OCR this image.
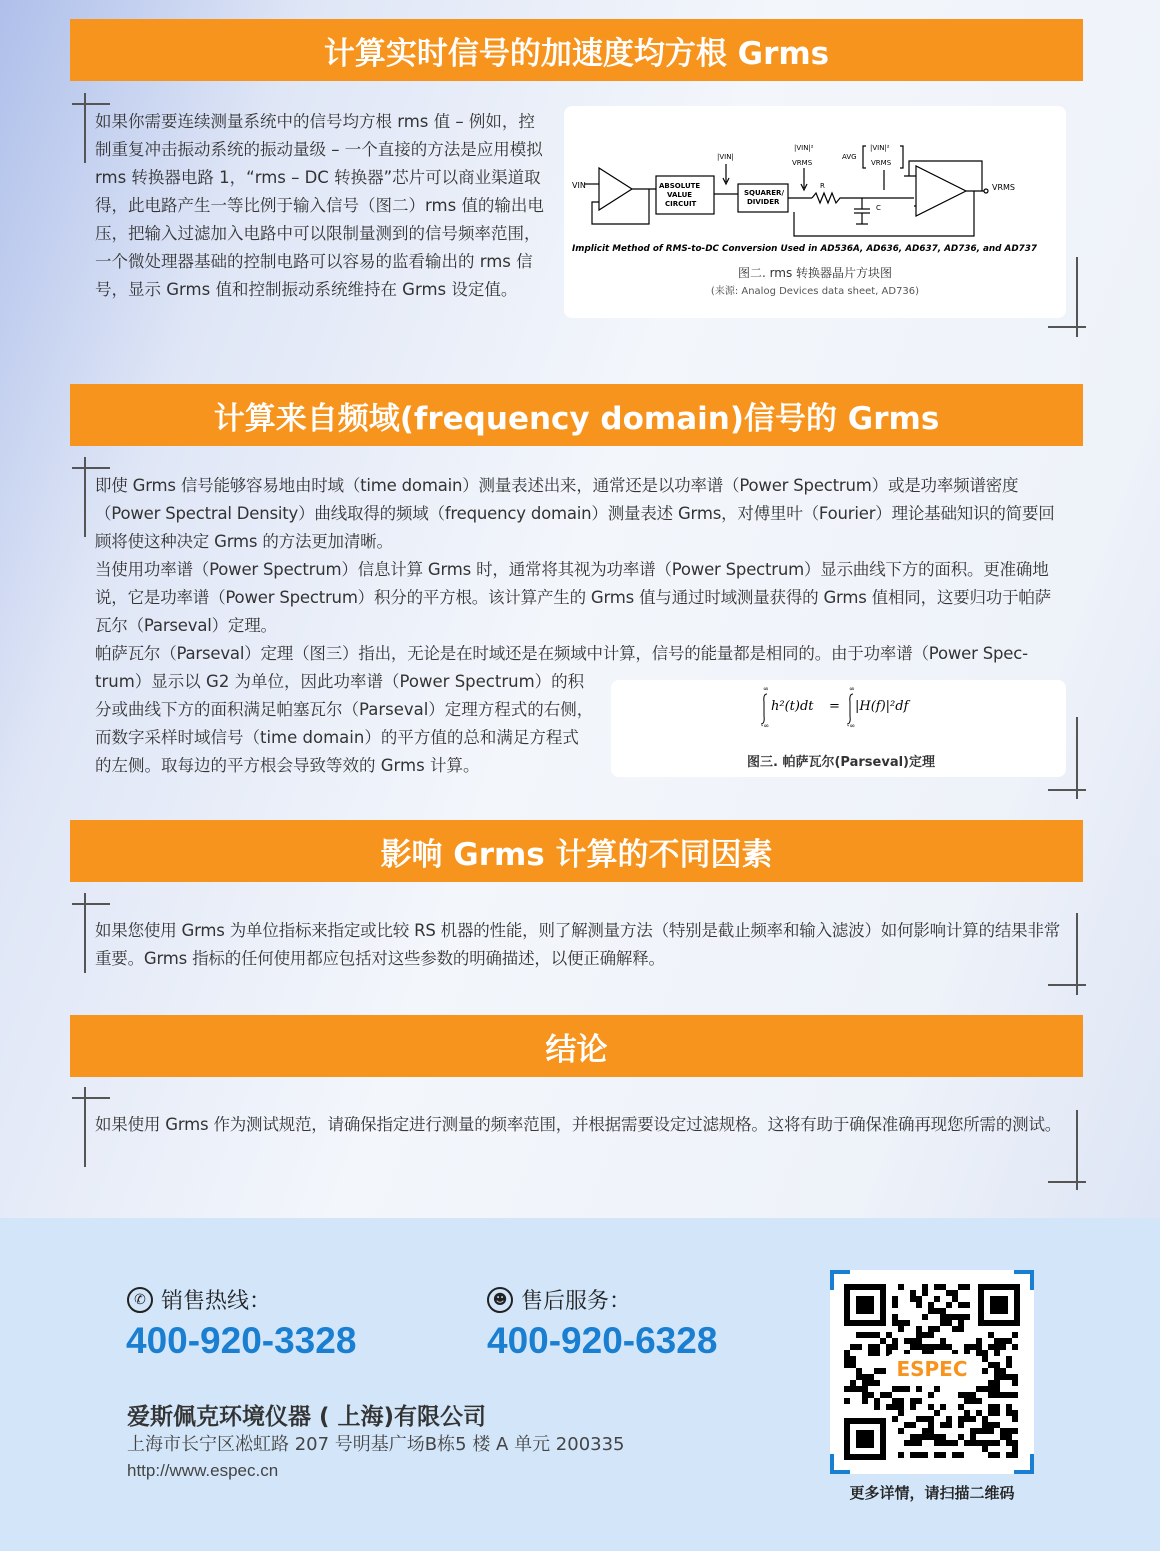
计算实时信号的加速度均方根 Grms

如果你需要连续测量系统中的信号均方根 rms 值 – 例如，控制重复冲击振动系统的振动量级 – 一个直接的方法是应用模拟 rms 转换器电路 1，“rms – DC 转换器”芯片可以商业渠道取得，此电路产生一等比例于输入信号（图二）rms 值的输出电压，把输入过滤加入电路中可以限制量测到的信号频率范围，一个微处理器基础的控制电路可以容易的监看输出的 rms 信号，显示 Grms 值和控制振动系统维持在 Grms 设定值。

VIN	ABSOLUTE
VALUE
CIRCUIT
|VIN|
SQUARER/
DIVIDER
|VIN|²
VRMS
AVG
|VIN|²
VRMS
R
C
VRMS
Implicit Method of RMS-to-DC Conversion Used in AD536A, AD636, AD637, AD736, and AD737
图二. rms 转换器晶片方块图
(来源: Analog Devices data sheet, AD736)
计算来自频域(frequency domain)信号的 Grms

即使 Grms 信号能够容易地由时域（time domain）测量表述出来，通常还是以功率谱（Power Spectrum）或是功率频谱密度（Power Spectral Density）曲线取得的频域（frequency domain）测量表述 Grms，对傅里叶（Fourier）理论基础知识的简要回顾将使这种决定 Grms 的方法更加清晰。

当使用功率谱（Power Spectrum）信息计算 Grms 时，通常将其视为功率谱（Power Spectrum）显示曲线下方的面积。更准确地说，它是功率谱（Power Spectrum）积分的平方根。该计算产生的 Grms 值与通过时域测量获得的 Grms 值相同，这要归功于帕萨瓦尔（Parseval）定理。

帕萨瓦尔（Parseval）定理（图三）指出，无论是在时域还是在频域中计算，信号的能量都是相同的。由于功率谱（Power Spec-

trum）显示以 G2 为单位，因此功率谱（Power Spectrum）的积分或曲线下方的面积满足帕塞瓦尔（Parseval）定理方程式的右侧，而数字采样时域信号（time domain）的平方值的总和满足方程式的左侧。取每边的平方根会导致等效的 Grms 计算。

∞
-∞
h²(t)dt =
∞
-∞
|H(f)|²df
图三. 帕萨瓦尔(Parseval)定理
影响 Grms 计算的不同因素

如果您使用 Grms 为单位指标来指定或比较 RS 机器的性能，则了解测量方法（特别是截止频率和输入滤波）如何影响计算的结果非常重要。Grms 指标的任何使用都应包括对这些参数的明确描述，以便正确解释。

结论

如果使用 Grms 作为测试规范，请确保指定进行测量的频率范围，并根据需要设定过滤规格。这将有助于确保准确再现您所需的测试。

✆ 销售热线：
400-920-3328
☻ 售后服务：
400-920-6328
爱斯佩克环境仪器 ( 上海)有限公司
上海市长宁区凇虹路 207 号明基广场B栋5 楼 A 单元 200335
http://www.espec.cn
ESPEC
更多详情，请扫描二维码
